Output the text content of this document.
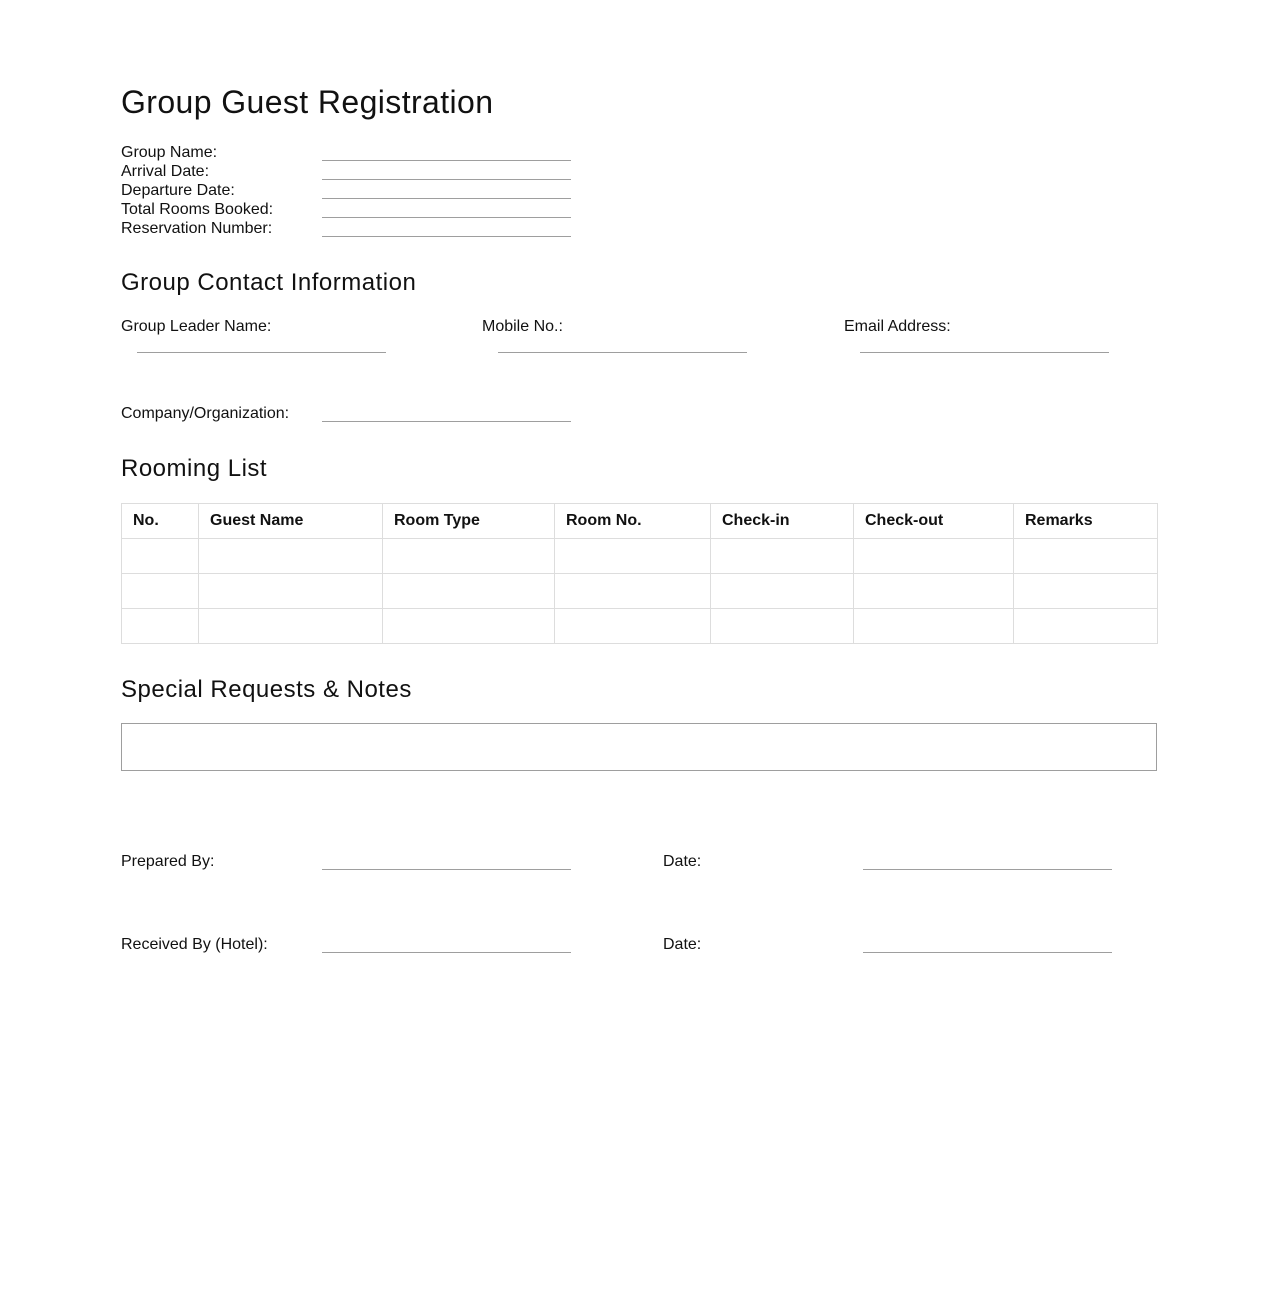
Group Guest Registration
Group Name:
Arrival Date:
Departure Date:
Total Rooms Booked:
Reservation Number:
Group Contact Information
Group Leader Name:	Mobile No.:	Email Address:
Company/Organization:
Rooming List
No.	Guest Name	Room Type	Room No.	Check-in	Check-out	Remarks

Special Requests & Notes
Prepared By:	Date:
Received By (Hotel):	Date:
